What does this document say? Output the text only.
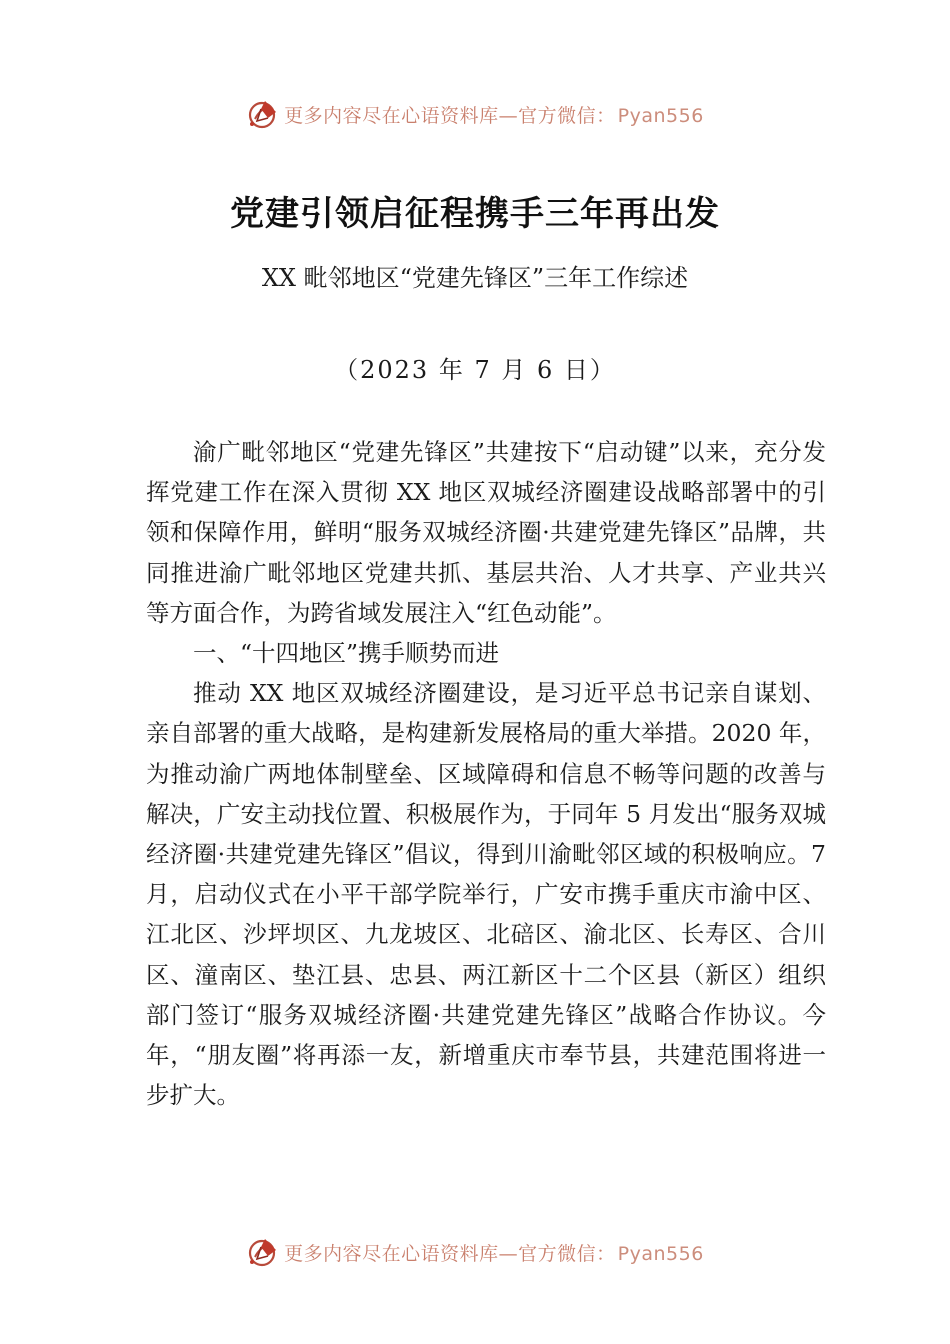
更多内容尽在心语资料库—官方微信： Pyan556
党建引领启征程携手三年再出发
XX 毗邻地区“党建先锋区”三年工作综述
（2023 年 7 月 6 日）

渝广毗邻地区“党建先锋区”共建按下“启动键”以来，充分发挥党建工作在深入贯彻 XX 地区双城经济圈建设战略部署中的引领和保障作用，鲜明“服务双城经济圈·共建党建先锋区”品牌，共同推进渝广毗邻地区党建共抓、基层共治、人才共享、产业共兴等方面合作，为跨省域发展注入“红色动能”。

一、“十四地区”携手顺势而进

推动 XX 地区双城经济圈建设，是习近平总书记亲自谋划、亲自部署的重大战略，是构建新发展格局的重大举措。2020 年，为推动渝广两地体制壁垒、区域障碍和信息不畅等问题的改善与解决，广安主动找位置、积极展作为，于同年 5 月发出“服务双城经济圈·共建党建先锋区”倡议，得到川渝毗邻区域的积极响应。7 月，启动仪式在小平干部学院举行，广安市携手重庆市渝中区、江北区、沙坪坝区、九龙坡区、北碚区、渝北区、长寿区、合川区、潼南区、垫江县、忠县、两江新区十二个区县（新区）组织部门签订“服务双城经济圈·共建党建先锋区”战略合作协议。今年，“朋友圈”将再添一友，新增重庆市奉节县，共建范围将进一步扩大。

更多内容尽在心语资料库—官方微信： Pyan556
